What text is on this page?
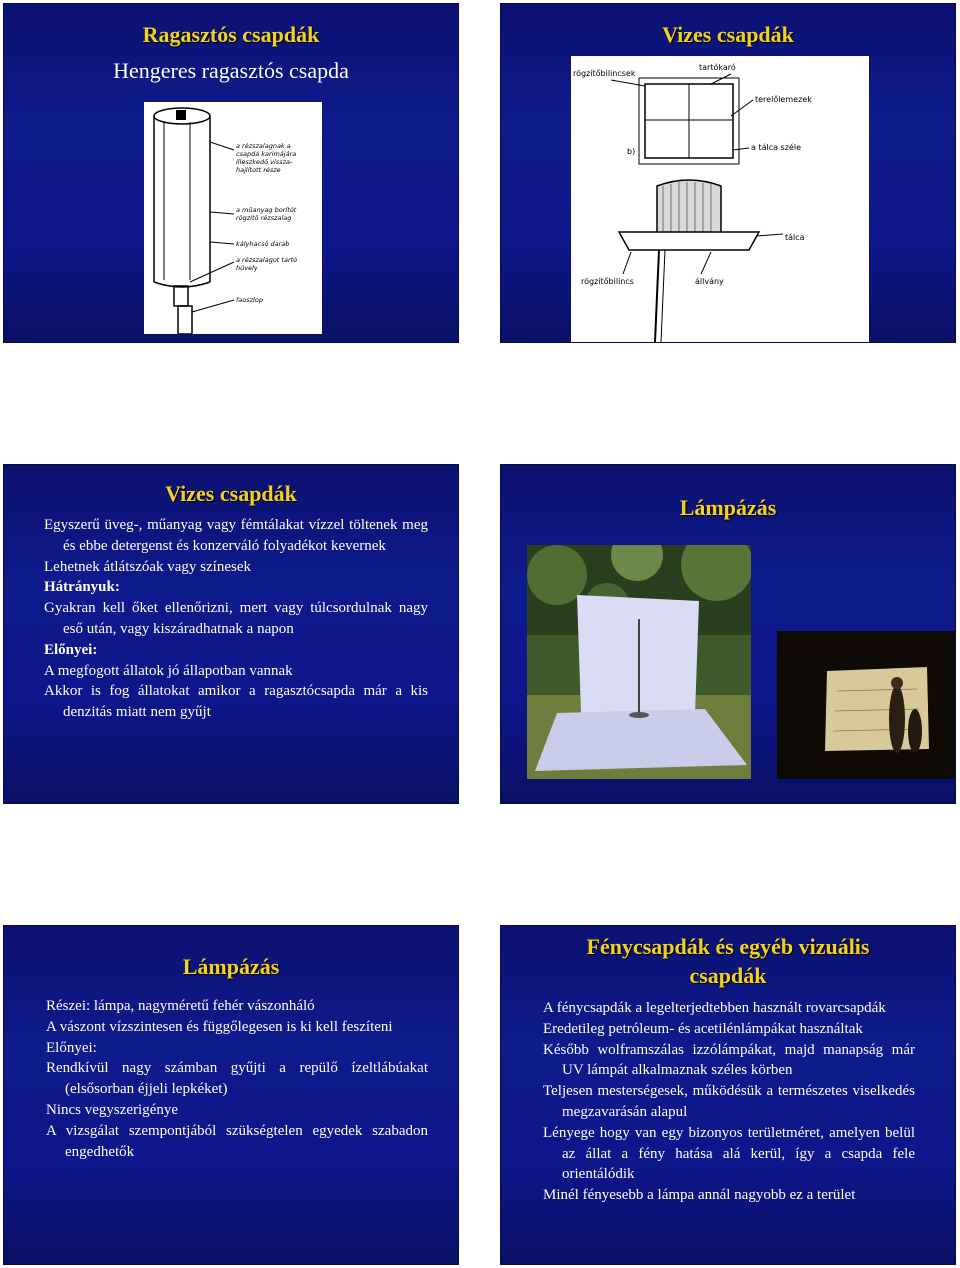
Ragasztós csapdák
Hengeres ragasztós csapda
a rézszalagnak a
csapda karimájára
illeszkedő vissza-
hajlított része
a műanyag borítót
rögzítő rézszalag
kályhacső darab
a rézszalagot tartó
hüvely
faoszlop
Vizes csapdák
rögzítőbilincsek
tartókaró
terelőlemezek
b)	a tálca széle
tálca
rögzítőbilincs	állvány
Vizes csapdák

Egyszerű üveg-, műanyag vagy fémtálakat vízzel töltenek meg és ebbe detergenst és konzerváló folyadékot kevernek

Lehetnek átlátszóak vagy színesek

Hátrányuk:

Gyakran kell őket ellenőrizni, mert vagy túlcsordulnak nagy eső után, vagy kiszáradhatnak a napon

Előnyei:

A megfogott állatok jó állapotban vannak

Akkor is fog állatokat amikor a ragasztócsapda már a kis denzitás miatt nem gyűjt

Lámpázás
Lámpázás

Részei: lámpa, nagyméretű fehér vászonháló

A vászont vízszintesen és függőlegesen is ki kell feszíteni

Előnyei:

Rendkívül nagy számban gyűjti a repülő ízeltlábúakat (elsősorban éjjeli lepkéket)

Nincs vegyszerigénye

A vizsgálat szempontjából szükségtelen egyedek szabadon engedhetők

Fénycsapdák és egyéb vizuális
csapdák

A fénycsapdák a legelterjedtebben használt rovarcsapdák

Eredetileg petróleum- és acetilénlámpákat használtak

Később wolframszálas izzólámpákat, majd manapság már UV lámpát alkalmaznak széles körben

Teljesen mesterségesek, működésük a természetes viselkedés megzavarásán alapul

Lényege hogy van egy bizonyos területméret, amelyen belül az állat a fény hatása alá kerül, így a csapda fele orientálódik

Minél fényesebb a lámpa annál nagyobb ez a terület
